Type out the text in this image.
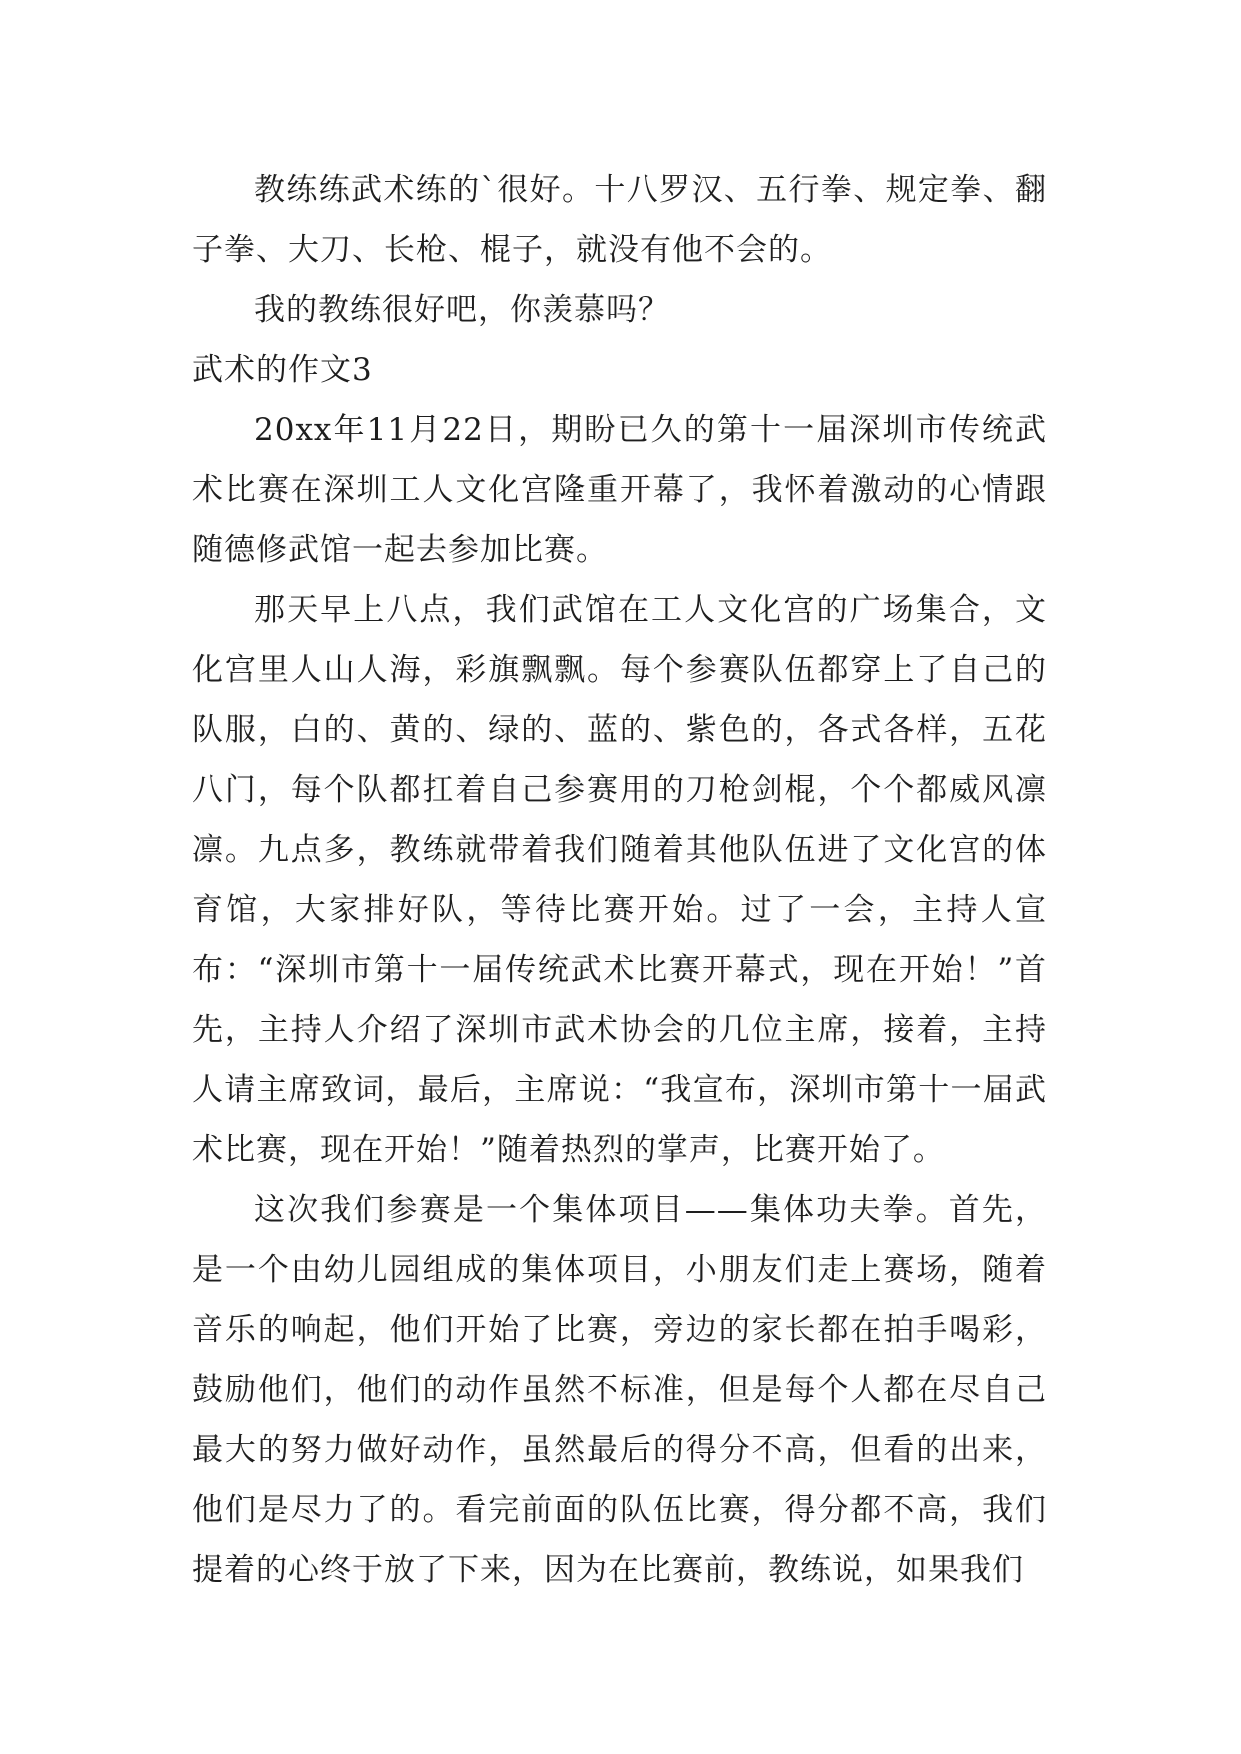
教练练武术练的`很好。十八罗汉、五行拳、规定拳、翻子拳、大刀、长枪、棍子，就没有他不会的。

我的教练很好吧，你羡慕吗？

武术的作文3

20xx年11月22日，期盼已久的第十一届深圳市传统武术比赛在深圳工人文化宫隆重开幕了，我怀着激动的心情跟随德修武馆一起去参加比赛。

那天早上八点，我们武馆在工人文化宫的广场集合，文化宫里人山人海，彩旗飘飘。每个参赛队伍都穿上了自己的队服，白的、黄的、绿的、蓝的、紫色的，各式各样，五花八门，每个队都扛着自己参赛用的刀枪剑棍，个个都威风凛凛。九点多，教练就带着我们随着其他队伍进了文化宫的体育馆，大家排好队，等待比赛开始。过了一会，主持人宣布：“深圳市第十一届传统武术比赛开幕式，现在开始！”首先，主持人介绍了深圳市武术协会的几位主席，接着，主持人请主席致词，最后，主席说：“我宣布，深圳市第十一届武术比赛，现在开始！”随着热烈的掌声，比赛开始了。

这次我们参赛是一个集体项目——集体功夫拳。首先，是一个由幼儿园组成的集体项目，小朋友们走上赛场，随着音乐的响起，他们开始了比赛，旁边的家长都在拍手喝彩，鼓励他们，他们的动作虽然不标准，但是每个人都在尽自己最大的努力做好动作，虽然最后的得分不高，但看的出来，他们是尽力了的。看完前面的队伍比赛，得分都不高，我们提着的心终于放了下来，因为在比赛前，教练说，如果我们
